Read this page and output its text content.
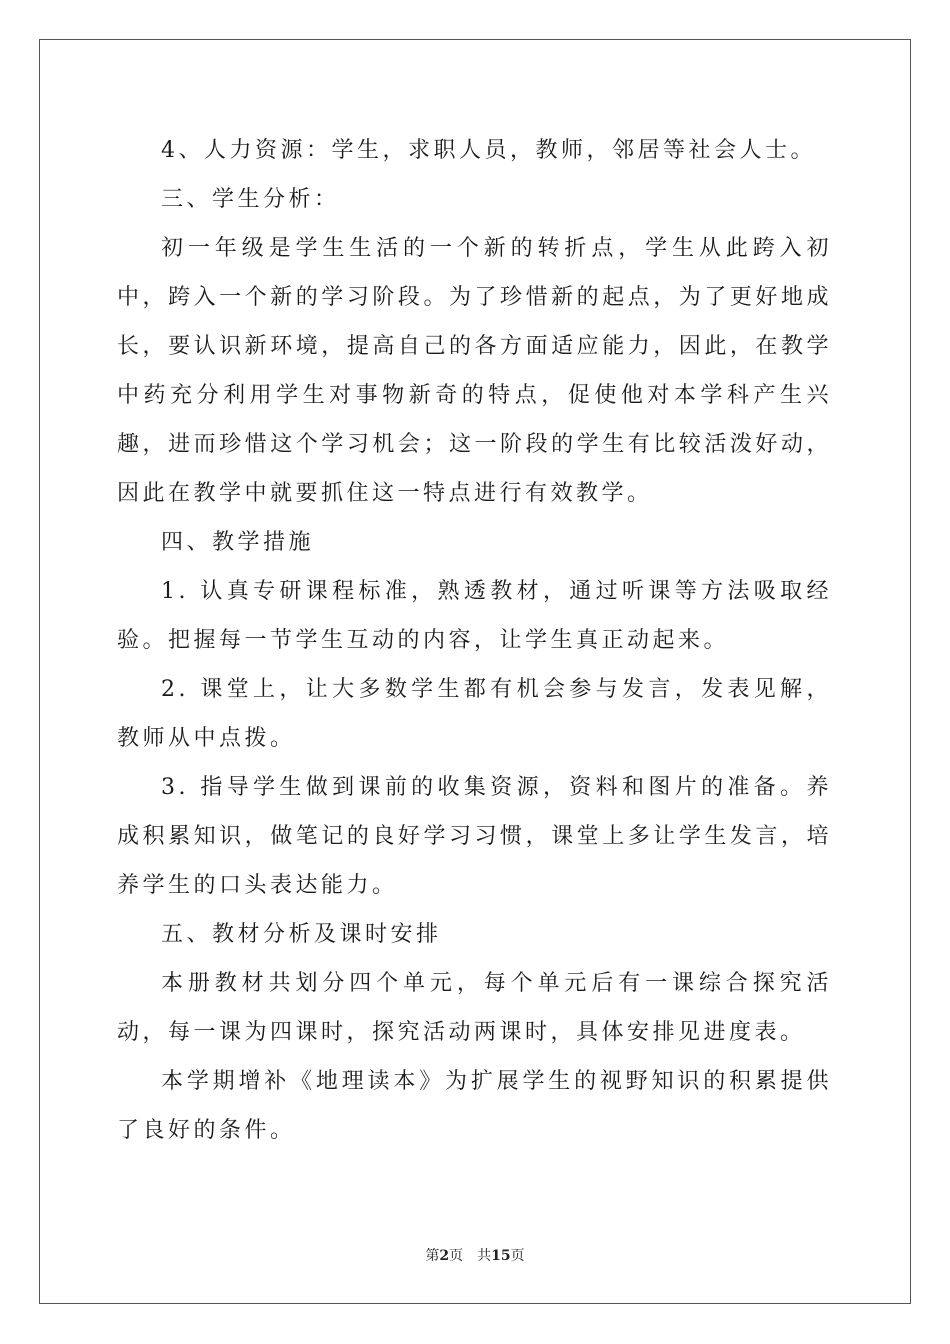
4、人力资源：学生，求职人员，教师，邻居等社会人士。

三、学生分析：

初一年级是学生生活的一个新的转折点，学生从此跨入初中，跨入一个新的学习阶段。为了珍惜新的起点，为了更好地成长，要认识新环境，提高自己的各方面适应能力，因此，在教学中药充分利用学生对事物新奇的特点，促使他对本学科产生兴趣，进而珍惜这个学习机会；这一阶段的学生有比较活泼好动，因此在教学中就要抓住这一特点进行有效教学。

四、教学措施

1. 认真专研课程标准，熟透教材，通过听课等方法吸取经验。把握每一节学生互动的内容，让学生真正动起来。

2. 课堂上，让大多数学生都有机会参与发言，发表见解，教师从中点拨。

3. 指导学生做到课前的收集资源，资料和图片的准备。养成积累知识，做笔记的良好学习习惯，课堂上多让学生发言，培养学生的口头表达能力。

五、教材分析及课时安排

本册教材共划分四个单元，每个单元后有一课综合探究活动，每一课为四课时，探究活动两课时，具体安排见进度表。

本学期增补《地理读本》为扩展学生的视野知识的积累提供了良好的条件。

第2页 共15页
